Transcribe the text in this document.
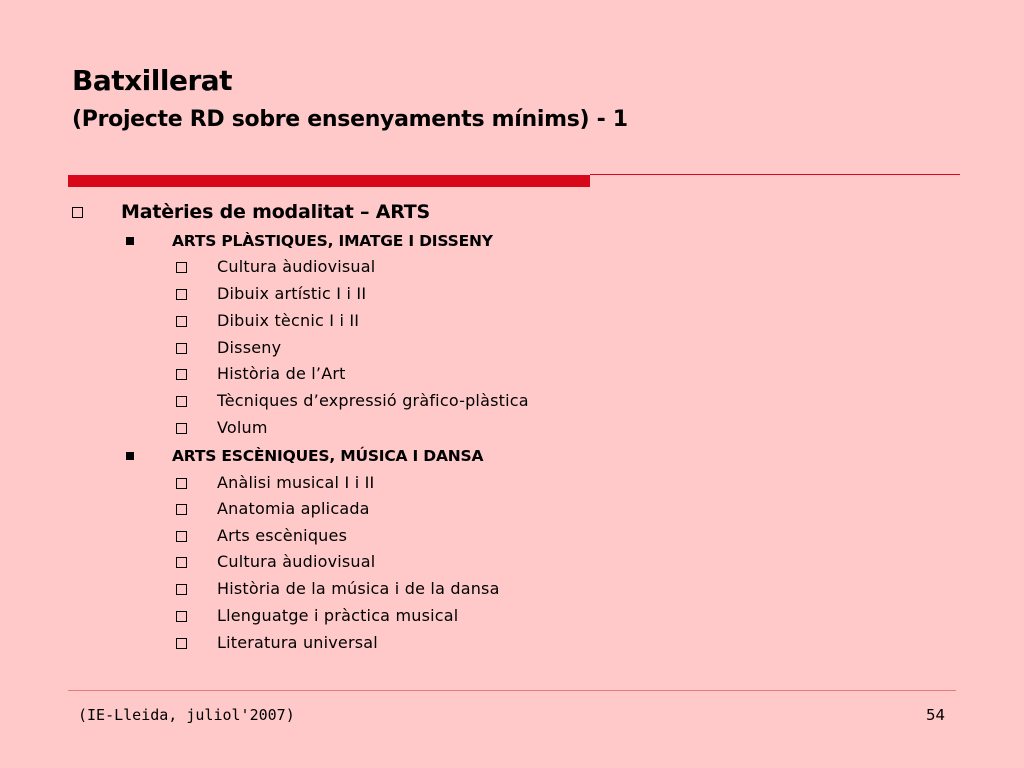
Batxillerat
(Projecte RD sobre ensenyaments mínims) - 1
Matèries de modalitat – ARTS
ARTS PLÀSTIQUES, IMATGE I DISSENY
Cultura àudiovisual
Dibuix artístic I i II
Dibuix tècnic I i II
Disseny
Història de l’Art
Tècniques d’expressió gràfico-plàstica
Volum
ARTS ESCÈNIQUES, MÚSICA I DANSA
Anàlisi musical I i II
Anatomia aplicada
Arts escèniques
Cultura àudiovisual
Història de la música i de la dansa
Llenguatge i pràctica musical
Literatura universal
(IE-Lleida, juliol'2007)	54
